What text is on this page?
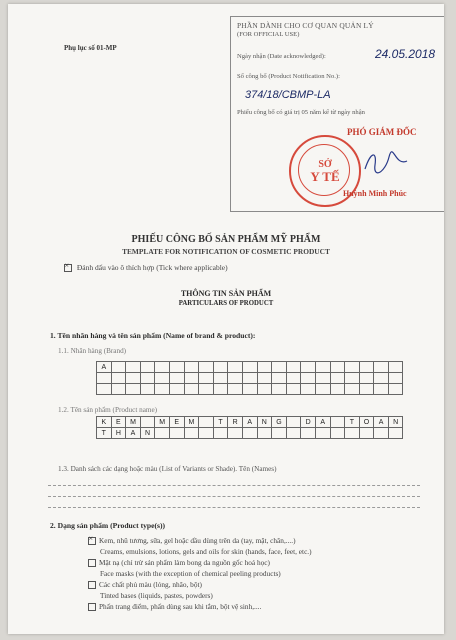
Phụ lục số 01-MP
PHẦN DÀNH CHO CƠ QUAN QUẢN LÝ
(FOR OFFICIAL USE)
Ngày nhận (Date acknowledged):	24.05.2018
Số công bố (Product Notification No.):
374/18/CBMP-LA
Phiếu công bố có giá trị 05 năm kể từ ngày nhận
PHÓ GIÁM ĐỐC
SỞ
Y TẾ
Huỳnh Minh Phúc
PHIẾU CÔNG BỐ SẢN PHẨM MỸ PHẨM
TEMPLATE FOR NOTIFICATION OF COSMETIC PRODUCT
× Đánh dấu vào ô thích hợp (Tick where applicable)
THÔNG TIN SẢN PHẨM
PARTICULARS OF PRODUCT
1. Tên nhãn hàng và tên sản phẩm (Name of brand & product):
1.1. Nhãn hàng (Brand)
A
1.2. Tên sản phẩm (Product name)
K	E	M	M	E	M	T	R	A	N	G	D	A	T	O	A	N
T	H	A	N
1.3. Danh sách các dạng hoặc màu (List of Variants or Shade). Tên (Names)
2. Dạng sản phẩm (Product type(s))
×Kem, nhũ tương, sữa, gel hoặc dầu dùng trên da (tay, mặt, chân,....)
Creams, emulsions, lotions, gels and oils for skin (hands, face, feet, etc.)
Mặt nạ (chỉ trừ sản phẩm làm bong da nguồn gốc hoá học)
Face masks (with the exception of chemical peeling products)
Các chất phủ màu (lỏng, nhão, bột)
Tinted bases (liquids, pastes, powders)
Phấn trang điểm, phấn dùng sau khi tắm, bột vệ sinh,....
